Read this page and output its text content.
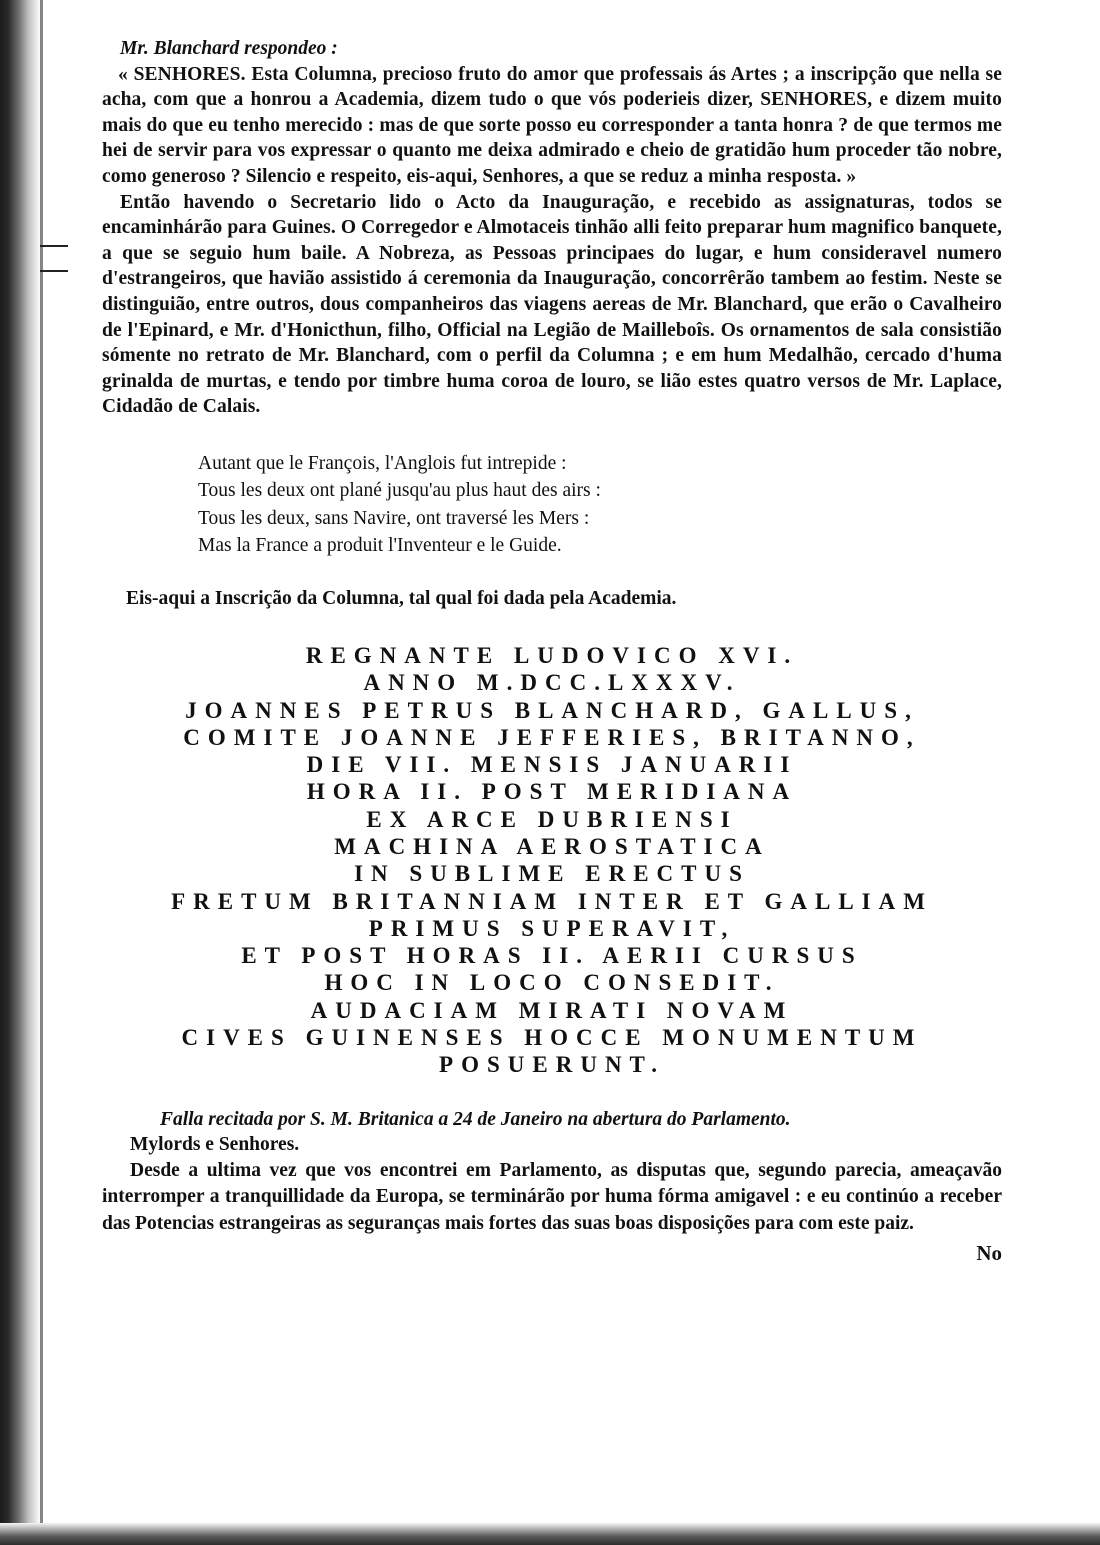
Mr. Blanchard respondeo :

« SENHORES. Esta Columna, precioso fruto do amor que professais ás Artes ; a inscripção que nella se acha, com que a honrou a Academia, dizem tudo o que vós poderieis dizer, SENHORES, e dizem muito mais do que eu tenho merecido : mas de que sorte posso eu corresponder a tanta honra ? de que termos me hei de servir para vos expressar o quanto me deixa admirado e cheio de gratidão hum proceder tão nobre, como generoso ? Silencio e respeito, eis-aqui, Senhores, a que se reduz a minha resposta. »

Então havendo o Secretario lido o Acto da Inauguração, e recebido as assignaturas, todos se encaminhárão para Guines. O Corregedor e Almotaceis tinhão alli feito preparar hum magnifico banquete, a que se seguio hum baile. A Nobreza, as Pessoas principaes do lugar, e hum consideravel numero d'estrangeiros, que havião assistido á ceremonia da Inauguração, concorrêrão tambem ao festim. Neste se distinguião, entre outros, dous companheiros das viagens aereas de Mr. Blanchard, que erão o Cavalheiro de l'Epinard, e Mr. d'Honicthun, filho, Official na Legião de Mailleboîs. Os ornamentos de sala consistião sómente no retrato de Mr. Blanchard, com o perfil da Columna ; e em hum Medalhão, cercado d'huma grinalda de murtas, e tendo por timbre huma coroa de louro, se lião estes quatro versos de Mr. Laplace, Cidadão de Calais.

Autant que le François, l'Anglois fut intrepide :
Tous les deux ont plané jusqu'au plus haut des airs :
Tous les deux, sans Navire, ont traversé les Mers :
Mas la France a produit l'Inventeur e le Guide.
Eis-aqui a Inscrição da Columna, tal qual foi dada pela Academia.
REGNANTE LUDOVICO XVI.
ANNO M.DCC.LXXXV.
JOANNES PETRUS BLANCHARD, GALLUS,
COMITE JOANNE JEFFERIES, BRITANNO,
DIE VII. MENSIS JANUARII
HORA II. POST MERIDIANA
EX ARCE DUBRIENSI
MACHINA AEROSTATICA
IN SUBLIME ERECTUS
FRETUM BRITANNIAM INTER ET GALLIAM
PRIMUS SUPERAVIT,
ET POST HORAS II. AERII CURSUS
HOC IN LOCO CONSEDIT.
AUDACIAM MIRATI NOVAM
CIVES GUINENSES HOCCE MONUMENTUM
POSUERUNT.
Falla recitada por S. M. Britanica a 24 de Janeiro na abertura do Parlamento.
Mylords e Senhores.

Desde a ultima vez que vos encontrei em Parlamento, as disputas que, segundo parecia, ameaçavão interromper a tranquillidade da Europa, se terminárão por huma fórma amigavel : e eu continúo a receber das Potencias estrangeiras as seguranças mais fortes das suas boas disposições para com este paiz.

No
